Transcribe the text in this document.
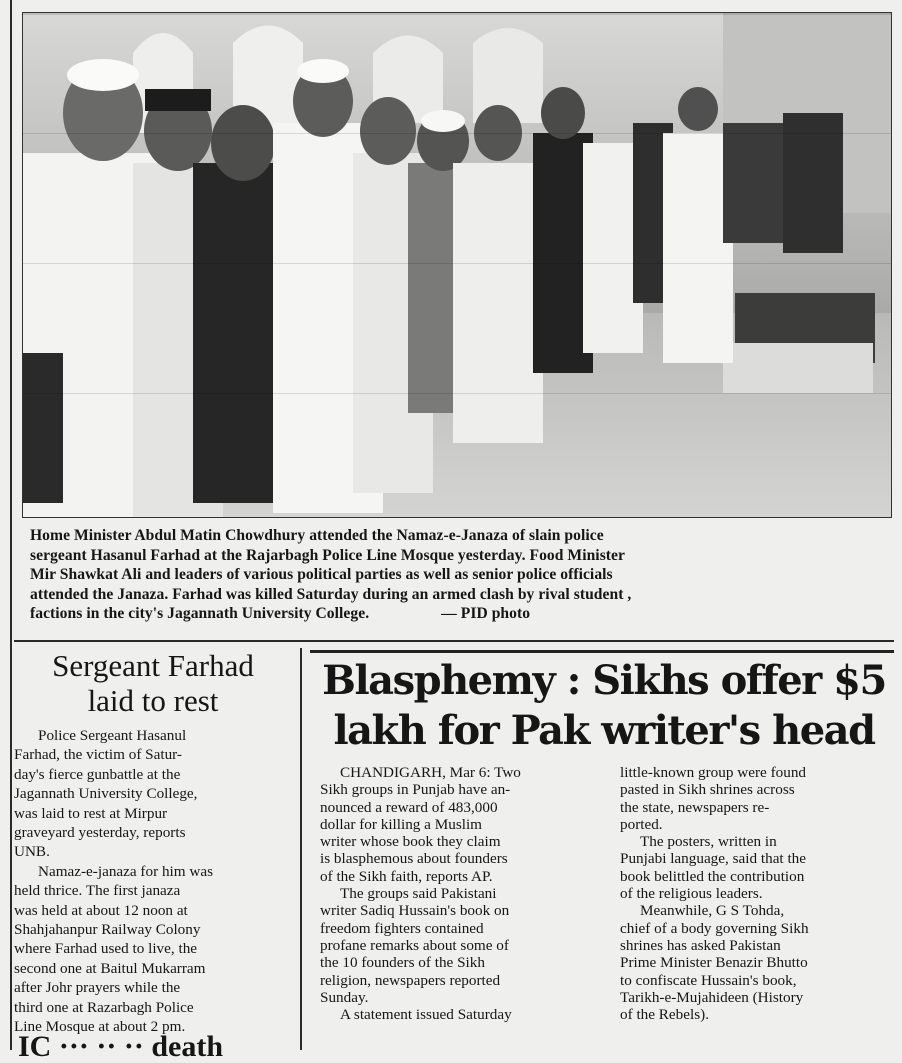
Home Minister Abdul Matin Chowdhury attended the Namaz-e-Janaza of slain police

sergeant Hasanul Farhad at the Rajarbagh Police Line Mosque yesterday. Food Minister

Mir Shawkat Ali and leaders of various political parties as well as senior police officials

attended the Janaza. Farhad was killed Saturday during an armed clash by rival student ,

factions in the city's Jagannath University College.	— PID photo

Sergeant Farhad
laid to rest

Police Sergeant Hasanul

Farhad, the victim of Satur-

day's fierce gunbattle at the

Jagannath University College,

was laid to rest at Mirpur

graveyard yesterday, reports

UNB.

Namaz-e-janaza for him was

held thrice. The first janaza

was held at about 12 noon at

Shahjahanpur Railway Colony

where Farhad used to live, the

second one at Baitul Mukarram

after Johr prayers while the

third one at Razarbagh Police

Line Mosque at about 2 pm.

IC ··· ·· ·· death
Blasphemy : Sikhs offer $5
lakh for Pak writer's head

CHANDIGARH, Mar 6: Two

Sikh groups in Punjab have an-

nounced a reward of 483,000

dollar for killing a Muslim

writer whose book they claim

is blasphemous about founders

of the Sikh faith, reports AP.

The groups said Pakistani

writer Sadiq Hussain's book on

freedom fighters contained

profane remarks about some of

the 10 founders of the Sikh

religion, newspapers reported

Sunday.

A statement issued Saturday

little-known group were found

pasted in Sikh shrines across

the state, newspapers re-

ported.

The posters, written in

Punjabi language, said that the

book belittled the contribution

of the religious leaders.

Meanwhile, G S Tohda,

chief of a body governing Sikh

shrines has asked Pakistan

Prime Minister Benazir Bhutto

to confiscate Hussain's book,

Tarikh-e-Mujahideen (History

of the Rebels).
